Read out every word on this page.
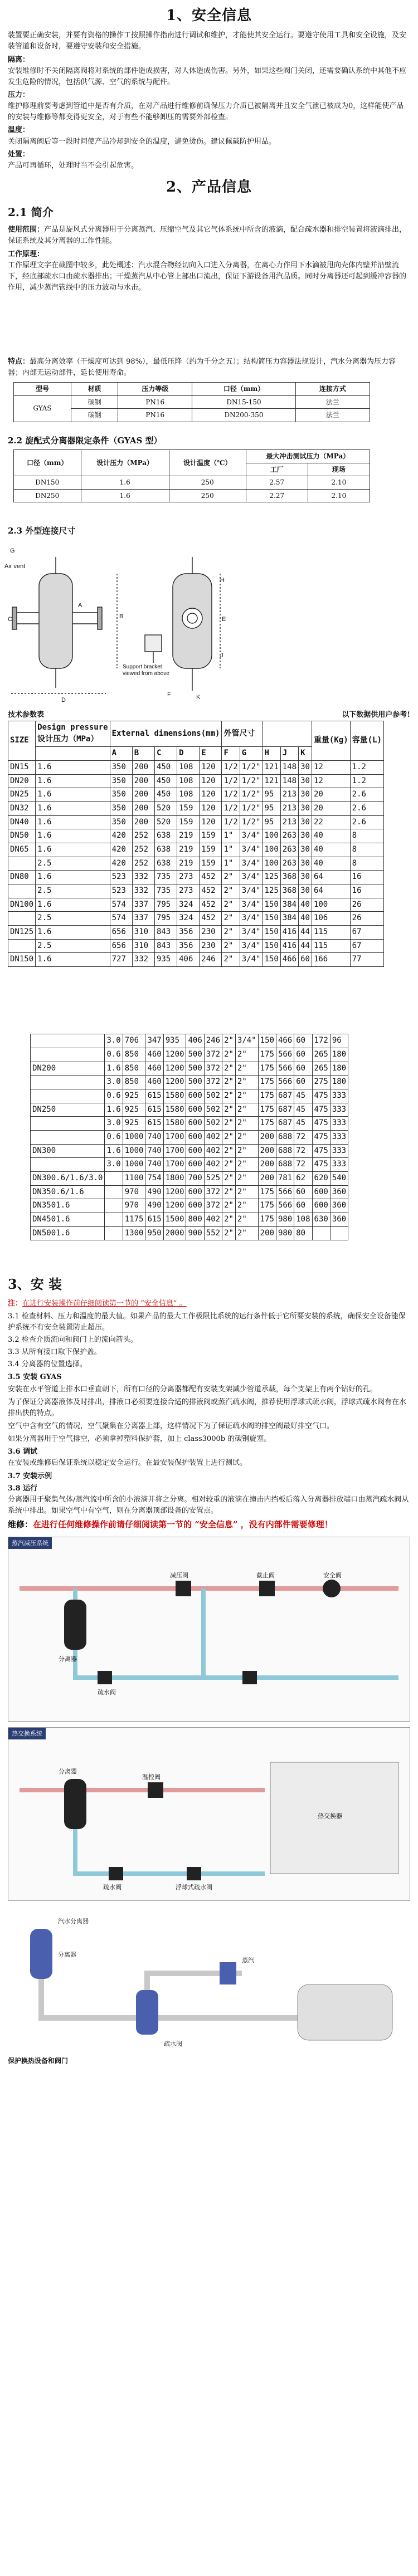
1、安全信息

装置要正确安装，并要有资格的操作工按照操作指南进行调试和维护，才能使其安全运行。要遵守使用工具和安全设施，及安装管道和设备时，要遵守安装和安全措施。

隔离：

安装维修时不关闭隔离阀将对系统的部件造成损害，对人体造成伤害。另外，如果这些阀门关闭，还需要确认系统中其他不应发生危险的情况，包括供气源、空气的系统与配件。

压力：

维护修理前要考虑到管道中是否有介质，在对产品进行维修前确保压力介质已被隔离并且安全气泄已被成为0，这样能使产品的安装与维修等都变得更安全，对于有些不能够卸压的需要外部检查。

温度：

关闭隔离阀后等一段时间使产品冷却到安全的温度，避免烫伤。建议佩戴防护用品。

处置：

产品可再循环，处理时当不会引起危害。

2、产品信息
2.1 简介

使用范围：产品是旋风式分离器用于分离蒸汽、压缩空气及其它气体系统中所含的液滴，配合疏水器和排空装置将液滴排出，保证系统及其分离器的工作性能。

工作原理：

工作原理文字在截图中较多，此处概述：汽水混合物经切向入口进入分离器，在离心力作用下水滴被甩向壳体内壁并沿壁流下，经底部疏水口由疏水器排出；干燥蒸汽从中心管上部出口流出，保证下游设备用汽品质。同时分离器还可起到缓冲容器的作用，减少蒸汽管线中的压力波动与水击。

特点：最高分离效率（干燥度可达到 98%），最低压降（约为千分之五）；结构简压力容器法规设计，汽水分离器为压力容器；内部无运动部件，延长使用寿命。

型号	材质	压力等级	口径（mm）	连接方式
GYAS	碳钢	PN16	DN15-150	法兰
	碳钢	PN16	DN200-350	法兰
2.2 旋配式分离器限定条件（GYAS 型）
口径（mm）	设计压力（MPa）	设计温度（℃）	最大冲击测试压力（MPa）	
			工厂	现场
DN150	1.6	250	2.57	2.10
DN250	1.6	250	2.27	2.10
2.3 外型连接尺寸
G
Air vent
C
A
B
D
E
K
H
J
F
Support bracket viewed from above
技术参数表	以下数据供用户参考!
SIZE	Design pressure
设计压力（MPa）	External dimensions(mm)					外管尺寸					重量(Kg)	容量(L)
		A	B	C	D	E	F	G	H	J	K		
DN15	1.6	350	200	450	108	120	1/2	1/2"	121	148	30	12	1.2
DN20	1.6	350	200	450	108	120	1/2	1/2"	121	148	30	12	1.2
DN25	1.6	350	200	450	108	120	1/2	1/2"	95	213	30	20	2.6
DN32	1.6	350	200	520	159	120	1/2	1/2"	95	213	30	20	2.6
DN40	1.6	350	200	520	159	120	1/2	1/2"	95	213	30	22	2.6
DN50	1.6	420	252	638	219	159	1"	3/4"	100	263	30	40	8
DN65	1.6	420	252	638	219	159	1"	3/4"	100	263	30	40	8
	2.5	420	252	638	219	159	1"	3/4"	100	263	30	40	8
DN80	1.6	523	332	735	273	452	2"	3/4"	125	368	30	64	16
	2.5	523	332	735	273	452	2"	3/4"	125	368	30	64	16
DN100	1.6	574	337	795	324	452	2"	3/4"	150	384	40	100	26
	2.5	574	337	795	324	452	2"	3/4"	150	384	40	106	26
DN125	1.6	656	310	843	356	230	2"	3/4"	150	416	44	115	67
	2.5	656	310	843	356	230	2"	3/4"	150	416	44	115	67
DN150	1.6	727	332	935	406	246	2"	3/4"	150	466	60	166	77
	3.0	706	347	935	406	246	2"	3/4"	150	466	60	172	96
	0.6	850	460	1200	500	372	2"	2"	175	566	60	265	180
DN200	1.6	850	460	1200	500	372	2"	2"	175	566	60	265	180
	3.0	850	460	1200	500	372	2"	2"	175	566	60	275	180
	0.6	925	615	1580	600	502	2"	2"	175	687	45	475	333
DN250	1.6	925	615	1580	600	502	2"	2"	175	687	45	475	333
	3.0	925	615	1580	600	502	2"	2"	175	687	45	475	333
	0.6	1000	740	1700	600	402	2"	2"	200	688	72	475	333
DN300	1.6	1000	740	1700	600	402	2"	2"	200	688	72	475	333
	3.0	1000	740	1700	600	402	2"	2"	200	688	72	475	333
DN300.6/1.6/3.0		1100	754	1800	700	525	2"	2"	200	781	62	620	540
DN350.6/1.6		970	490	1200	600	372	2"	2"	175	566	60	600	360
DN3501.6		970	490	1200	600	372	2"	2"	175	566	60	600	360
DN4501.6		1175	615	1500	800	402	2"	2"	175	980	108	630	360
DN5001.6		1300	950	2000	900	552	2"	2"	200	980	80		
3、安 装

注：在进行安装操作前仔细阅读第一节的 “安全信息” 。

3.1 检查材料、压力和温度的最大值。如果产品的最大工作极限比系统的运行条件低于它所要安装的系统，确保安全设备能保护系统不有安全装置防止超压。
3.2 检查介质流向和阀门上的流向箭头。
3.3 从所有接口取下保护盖。
3.4 分离器的位置选择。
3.5 安装 GYAS

安装在水平管道上排水口垂直朝下，所有口径的分离器都配有安装支架减少管道承载，每个支架上有两个钻好的孔。

为了保证分离器液体及时排出，排液口必须要连接合适的排液阀或蒸汽疏水阀，推荐使用浮球式疏水阀，浮球式疏水阀有在水排出快的特点。

空气中含有空气的情况，空气聚集在分离器上部，这样情况下为了保证疏水阀的排空阀最好排空气口。

如果分离器用于空气排空，必须拿掉塑料保护套，加上 class3000b 的碳钢旋塞。

3.6 调试

在安装或维修后保证系统以稳定安全运行。在最安装保护装置上进行测试。

3.7 安装示例

3.8 运行

分离器用于聚集气体/蒸汽流中所含的小液滴并将之分离。相对较重的液滴在撞击内挡板后落入分离器排放端口由蒸汽疏水阀从系统中排出。如果空气中有空气，则在分离器顶部设备的安置点。

维修：在进行任何维修操作前请仔细阅读第一节的 “安全信息” ，没有内部件需要修理！

蒸汽减压系统
分离器
疏水阀
减压阀	安全阀
截止阀
热交换系统
分离器
温控阀
疏水阀
热交换器
浮球式疏水阀
汽水分离器
分离器
疏水阀
蒸汽
保护换热设备和阀门
